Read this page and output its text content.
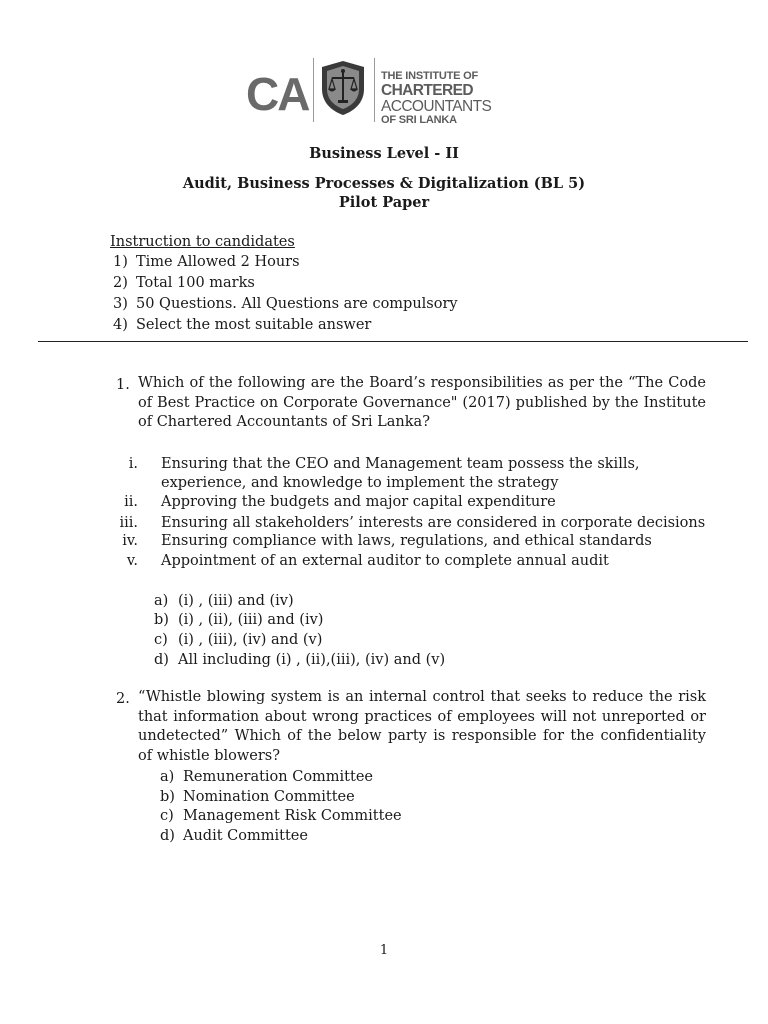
CA	THE INSTITUTE OF
CHARTERED ACCOUNTANTS
OF SRI LANKA
Business Level - II
Audit, Business Processes & Digitalization (BL 5)
Pilot Paper
Instruction to candidates
1) Time Allowed 2 Hours
2) Total 100 marks
3) 50 Questions. All Questions are compulsory
4) Select the most suitable answer
1. Which of the following are the Board’s responsibilities as per the “The Code of Best Practice on Corporate Governance" (2017) published by the Institute of Chartered Accountants of Sri Lanka?
i. Ensuring that the CEO and Management team possess the skills, experience, and knowledge to implement the strategy
ii. Approving the budgets and major capital expenditure
iii. Ensuring all stakeholders’ interests are considered in corporate decisions
iv. Ensuring compliance with laws, regulations, and ethical standards
v. Appointment of an external auditor to complete annual audit
a) (i) , (iii) and (iv)
b) (i) , (ii), (iii) and (iv)
c) (i) , (iii), (iv) and (v)
d) All including (i) , (ii),(iii), (iv) and (v)
2. “Whistle blowing system is an internal control that seeks to reduce the risk that information about wrong practices of employees will not unreported or undetected” Which of the below party is responsible for the confidentiality of whistle blowers?
a) Remuneration Committee
b) Nomination Committee
c) Management Risk Committee
d) Audit Committee
1
